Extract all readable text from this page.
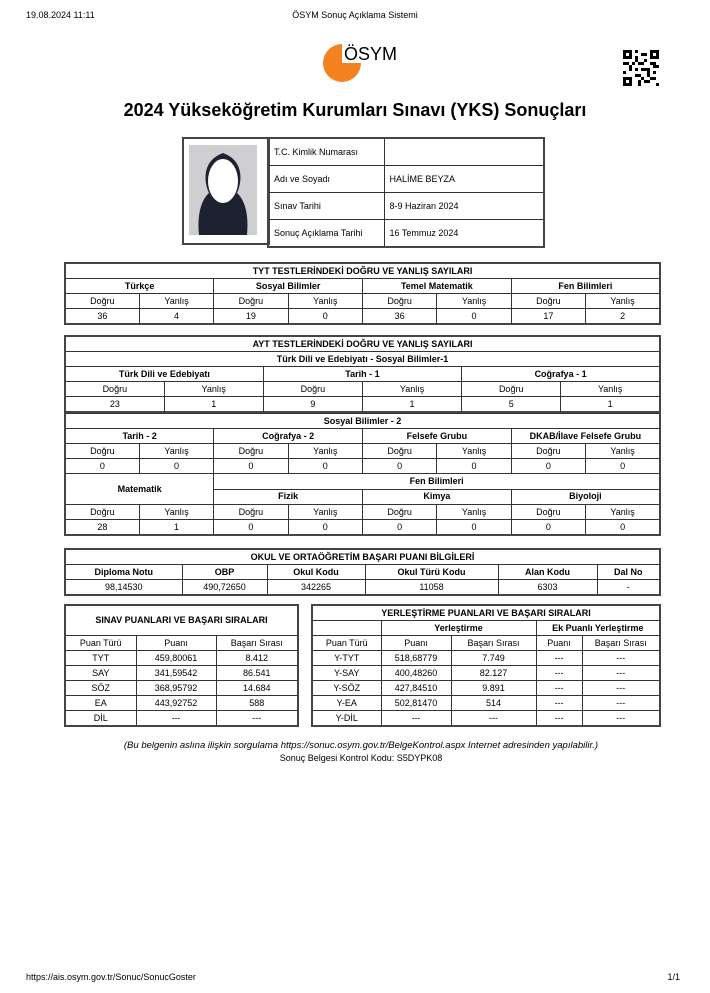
19.08.2024 11:11	ÖSYM Sonuç Açıklama Sistemi
ÖSYM
2024 Yükseköğretim Kurumları Sınavı (YKS) Sonuçları
T.C. Kimlik Numarası	
Adı ve Soyadı	HALİME BEYZA
Sınav Tarihi	8-9 Haziran 2024
Sonuç Açıklama Tarihi	16 Temmuz 2024
TYT TESTLERİNDEKİ DOĞRU VE YANLIŞ SAYILARI							
Türkçe		Sosyal Bilimler		Temel Matematik		Fen Bilimleri	
Doğru	Yanlış	Doğru	Yanlış	Doğru	Yanlış	Doğru	Yanlış
36	4	19	0	36	0	17	2
AYT TESTLERİNDEKİ DOĞRU VE YANLIŞ SAYILARI					
Türk Dili ve Edebiyatı - Sosyal Bilimler-1					
Türk Dili ve Edebiyatı		Tarih - 1		Coğrafya - 1	
Doğru	Yanlış	Doğru	Yanlış	Doğru	Yanlış
23	1	9	1	5	1
Sosyal Bilimler - 2							
Tarih - 2		Coğrafya - 2		Felsefe Grubu		DKAB/İlave Felsefe Grubu	
Doğru	Yanlış	Doğru	Yanlış	Doğru	Yanlış	Doğru	Yanlış
0	0	0	0	0	0	0	0
Matematik		Fen Bilimleri					
		Fizik		Kimya		Biyoloji	
Doğru	Yanlış	Doğru	Yanlış	Doğru	Yanlış	Doğru	Yanlış
28	1	0	0	0	0	0	0
OKUL VE ORTAÖĞRETİM BAŞARI PUANI BİLGİLERİ					
Diploma Notu	OBP	Okul Kodu	Okul Türü Kodu	Alan Kodu	Dal No
98,14530	490,72650	342265	11058	6303	-
SINAV PUANLARI VE BAŞARI SIRALARI		
Puan Türü	Puanı	Başarı Sırası
TYT	459,80061	8.412
SAY	341,59542	86.541
SÖZ	368,95792	14.684
EA	443,92752	588
DİL	---	---
YERLEŞTİRME PUANLARI VE BAŞARI SIRALARI				
	Yerleştirme		Ek Puanlı Yerleştirme	
Puan Türü	Puanı	Başarı Sırası	Puanı	Başarı Sırası
Y-TYT	518,68779	7.749	---	---
Y-SAY	400,48260	82.127	---	---
Y-SÖZ	427,84510	9.891	---	---
Y-EA	502,81470	514	---	---
Y-DİL	---	---	---	---
(Bu belgenin aslına ilişkin sorgulama https://sonuc.osym.gov.tr/BelgeKontrol.aspx Internet adresinden yapılabilir.)
Sonuç Belgesi Kontrol Kodu: S5DYPK08
https://ais.osym.gov.tr/Sonuc/SonucGoster	1/1
